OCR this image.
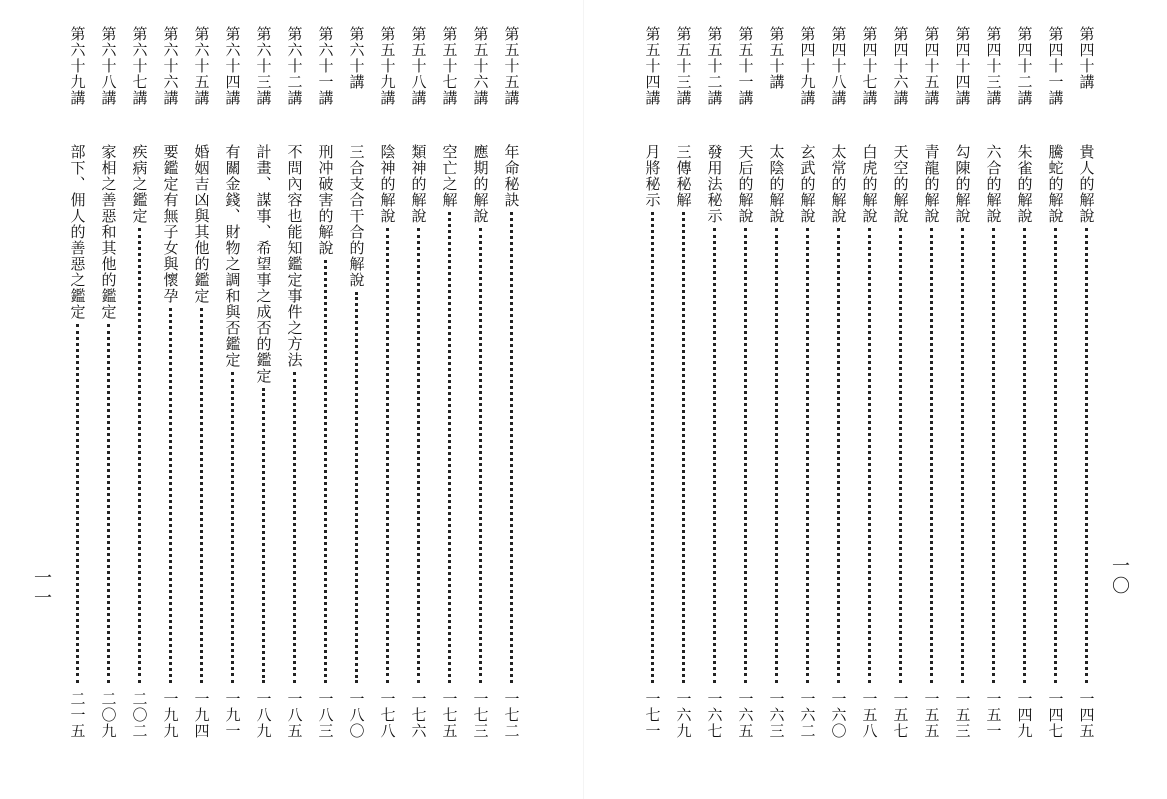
第五十五講
年命秘訣
一七二
第五十六講
應期的解說
一七三
第五十七講
空亡之解
一七五
第五十八講
類神的解說
一七六
第五十九講
陰神的解說
一七八
第六十講
三合支合干合的解說
一八〇
第六十一講
刑冲破害的解說
一八三
第六十二講
不問內容也能知鑑定事件之方法
一八五
第六十三講
計畫、謀事、希望事之成否的鑑定
一八九
第六十四講
有關金錢、財物之調和與否鑑定
一九一
第六十五講
婚姻吉凶與其他的鑑定
一九四
第六十六講
要鑑定有無子女與懷孕
一九九
第六十七講
疾病之鑑定
二〇二
第六十八講
家相之善惡和其他的鑑定
二〇九
第六十九講
部下、佣人的善惡之鑑定
二一五
一一
第四十講
貴人的解說
一四五
第四十一講
騰蛇的解說
一四七
第四十二講
朱雀的解說
一四九
第四十三講
六合的解說
一五一
第四十四講
勾陳的解說
一五三
第四十五講
青龍的解說
一五五
第四十六講
天空的解說
一五七
第四十七講
白虎的解說
一五八
第四十八講
太常的解說
一六〇
第四十九講
玄武的解說
一六二
第五十講
太陰的解說
一六三
第五十一講
天后的解說
一六五
第五十二講
發用法秘示
一六七
第五十三講
三傳秘解
一六九
第五十四講
月將秘示
一七一
一〇
